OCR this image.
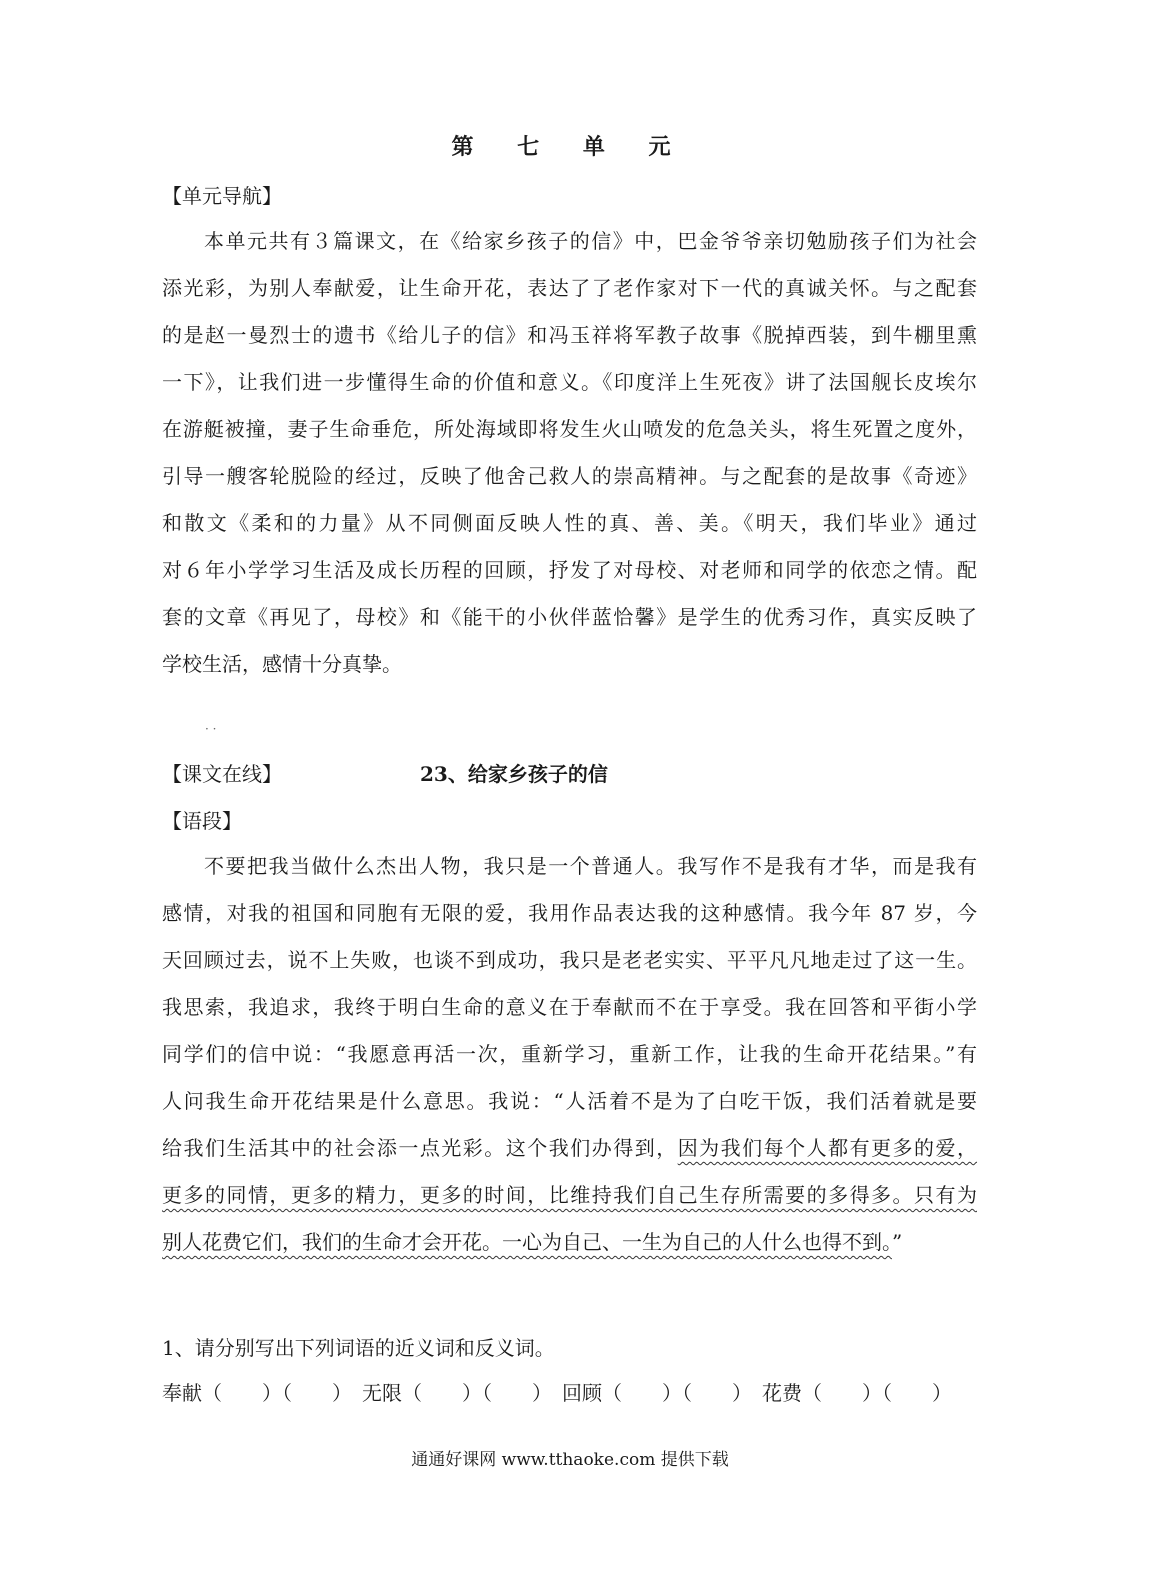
第 七 单 元
【单元导航】
本单元共有３篇课文，在《给家乡孩子的信》中，巴金爷爷亲切勉励孩子们为社会
添光彩，为别人奉献爱，让生命开花，表达了了老作家对下一代的真诚关怀。与之配套
的是赵一曼烈士的遗书《给儿子的信》和冯玉祥将军教子故事《脱掉西装，到牛棚里熏
一下》，让我们进一步懂得生命的价值和意义。《印度洋上生死夜》讲了法国舰长皮埃尔
在游艇被撞，妻子生命垂危，所处海域即将发生火山喷发的危急关头，将生死置之度外，
引导一艘客轮脱险的经过，反映了他舍己救人的崇高精神。与之配套的是故事《奇迹》
和散文《柔和的力量》从不同侧面反映人性的真、善、美。《明天，我们毕业》通过
对６年小学学习生活及成长历程的回顾，抒发了对母校、对老师和同学的依恋之情。配
套的文章《再见了，母校》和《能干的小伙伴蓝恰馨》是学生的优秀习作，真实反映了
学校生活，感情十分真挚。
· ·
【课文在线】	23、给家乡孩子的信
【语段】
不要把我当做什么杰出人物，我只是一个普通人。我写作不是我有才华，而是我有
感情，对我的祖国和同胞有无限的爱，我用作品表达我的这种感情。我今年 87 岁，今
天回顾过去，说不上失败，也谈不到成功，我只是老老实实、平平凡凡地走过了这一生。
我思索，我追求，我终于明白生命的意义在于奉献而不在于享受。我在回答和平街小学
同学们的信中说：“我愿意再活一次，重新学习，重新工作，让我的生命开花结果。”有
人问我生命开花结果是什么意思。我说：“人活着不是为了白吃干饭，我们活着就是要
给我们生活其中的社会添一点光彩。这个我们办得到，因为我们每个人都有更多的爱，
更多的同情，更多的精力，更多的时间，比维持我们自己生存所需要的多得多。只有为
别人花费它们，我们的生命才会开花。一心为自己、一生为自己的人什么也得不到。”
1、请分别写出下列词语的近义词和反义词。
奉献（　　）（　　）　无限（　　）（　　）　回顾（　　）（　　）　花费（　　）（　　）
通通好课网 www.tthaoke.com 提供下载
